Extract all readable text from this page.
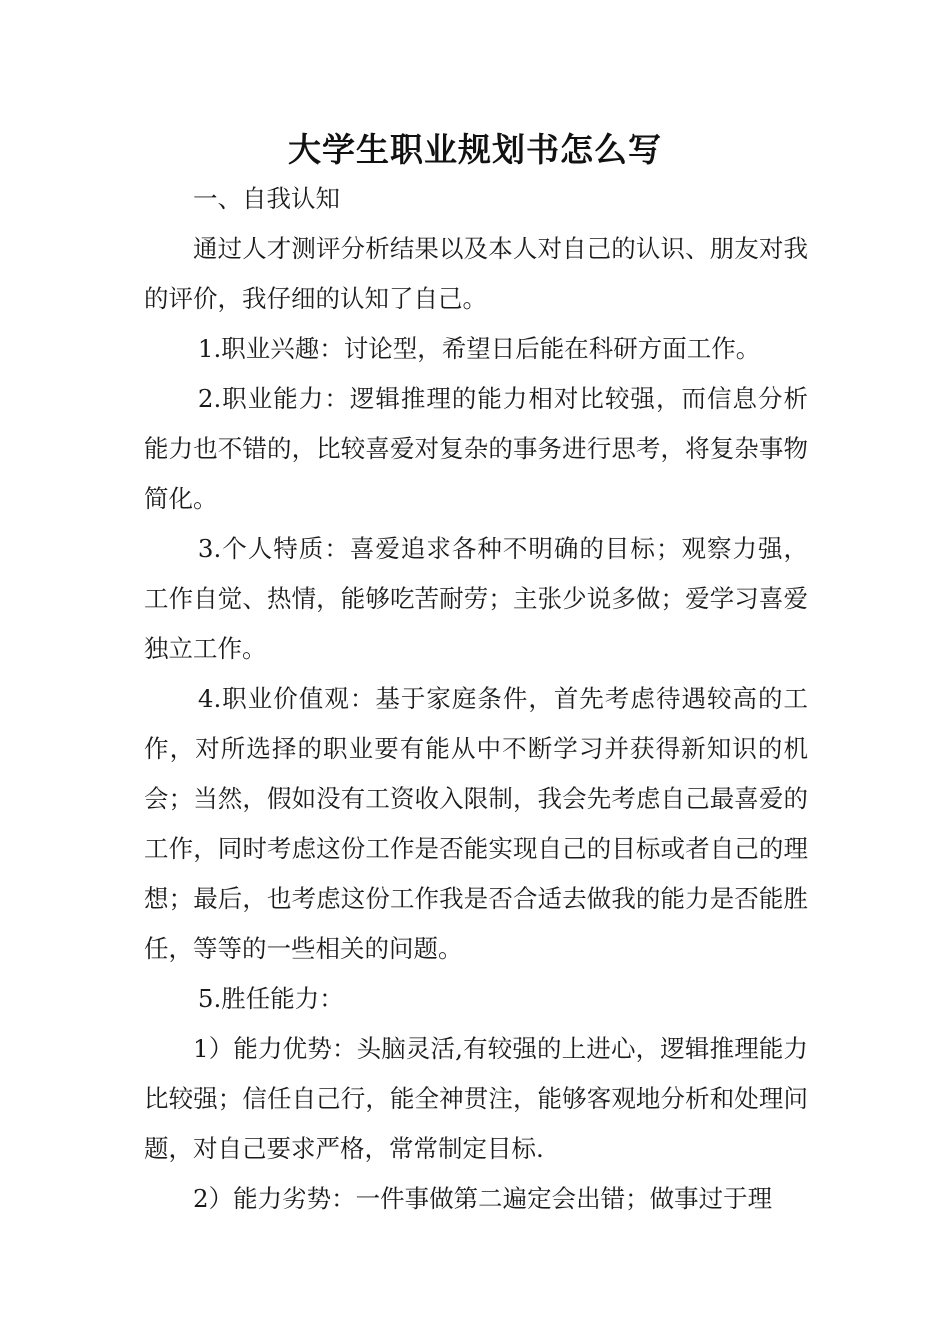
大学生职业规划书怎么写

一、自我认知

通过人才测评分析结果以及本人对自己的认识、朋友对我的评价，我仔细的认知了自己。

1.职业兴趣：讨论型，希望日后能在科研方面工作。

2.职业能力：逻辑推理的能力相对比较强，而信息分析能力也不错的，比较喜爱对复杂的事务进行思考，将复杂事物简化。

3.个人特质：喜爱追求各种不明确的目标；观察力强，工作自觉、热情，能够吃苦耐劳；主张少说多做；爱学习喜爱独立工作。

4.职业价值观：基于家庭条件，首先考虑待遇较高的工作，对所选择的职业要有能从中不断学习并获得新知识的机会；当然，假如没有工资收入限制，我会先考虑自己最喜爱的工作，同时考虑这份工作是否能实现自己的目标或者自己的理想；最后，也考虑这份工作我是否合适去做我的能力是否能胜任，等等的一些相关的问题。

5.胜任能力：

1）能力优势：头脑灵活,有较强的上进心，逻辑推理能力比较强；信任自己行，能全神贯注，能够客观地分析和处理问题，对自己要求严格，常常制定目标.

2）能力劣势：一件事做第二遍定会出错；做事过于理
